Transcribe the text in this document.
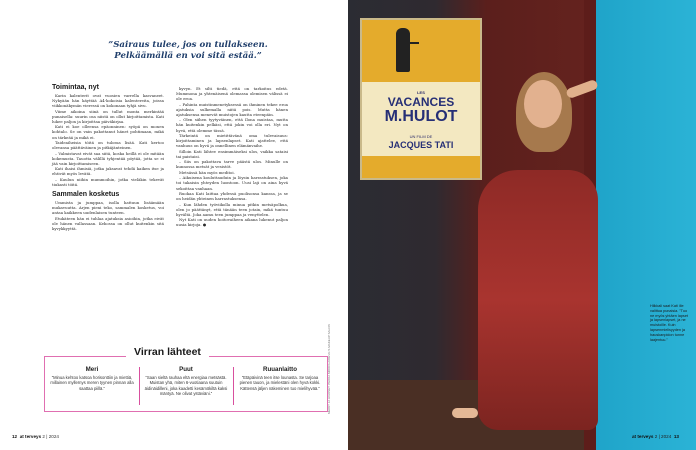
”Sairaus tulee, jos on tullakseen. Pelkäämällä en voi sitä estää.”
Toimintaa, nyt

Karin kalenterit ovat vuosien varrella kasvaneet. Nykyään hän käyttää A4-kokoisia kalentereita, joissa viikkonäkymän vieressä on kokonaan tyhjä sivu.

Viime aikoina siinä on tullut monta merkintää punaisella: suurin osa niistä on ollut kirjoittamista. Kati lukee paljon ja kirjoittaa päiväkirjaa.

Kati ei koe olleensa epäonninen: syöpä on monen kohtalo. Se on vain pakottanut hänet pohtimaan, mikä on tärkeää ja mikä ei.

Taideaiheisia töitä on tulossa lisää. Kati kertoo olevansa päättäväinen ja pitkäjänteinen.

– Valmistavat eivät saa siitä, koska heillä ei ole mitään kokemusta. Tauotta välillä tyhjentää pöytää, jotta se ei jää vain kirjoittamiseen.

Kati ihaisi ihmisiä, jotka jaksavat tehdä kaiken itse ja ehtivät myös levätä.

– Kuulun niihin mummoihin, jotka vieläkin tekevät tiukasti töitä.

Sammalen kosketus

Ummista ja jumppaa, isolla hattuun lisäämään mukavuutta. Arjen pieni teko, sammalen kosketus, voi antaa kaikkeen uudenlaisen tunteen.

Etukäteen hän ei tuhlaa ajatuksia asioihin, jotka eivät ole hänen vallassaan. Kehossa on ollut kuitenkin sitä kyvykkyyttä.

kyvyn. Et silti tiedä, että on tarkoitus edetä. Mummona ja yhtenäisenä olemassa olemisen välissä ei ole eroa.

– Pahinta muistinmenetyksessä on ihminen tekee eroa ajatuksia sulkemalla niitä pois. Mutta hänen ajatuksensa menevät muistojen kautta eteenpäin.

– Olen siihen tyytyväinen, että Ilona muistaa, mutta hän kuitenkin pelkäsi, että jokin voi olla eri. Nyt on hyvä, että olemme tässä.

Tärkeintä on mietittävänä oma tulevaisuus: kirjoittaminen ja lapsenlapset. Kati ajattelee, että vanhuus on hyvä ja onnellinen elämänvaihe.

Silloin Kati lähtee ensimmäiseksi ulos, vaikka sataisi tai paistaisi.

– Siis on pakottava tarve päästä ulos. Minulle on kunnossa metsät ja vesistöt.

Metsässä hän myös meditoi.

– Aikuisena kouluttauduin ja löysin harrastuksen, joka toi takaisin yhteyden luontoon. Uusi laji on aina hyvä sekoittaa vanhaan.

Ruokaa Kati laittaa yhdessä puolisonsa kanssa, ja se on heidän yhteinen harrastuksensa.

– Kun lähden työviikolla minua pitkin metsäpolkua, olen jo päättänyt, että tänään teen jotain, mikä tuntuu hyvältä. Joka aamu teen jumppaa ja venyttelen.

Nyt Kati on uuden hoitovaiheen aikana lukenut paljon uusia kirjoja. ●

Virran lähteet
Meri
”Minua kehtoo katsoa horisonttiin ja miettiä, millainen myllernys meren tyynen pinnan alla saattaa piillä.”
Puut
”Saan sieltä rauhaa eltä energiaa metsästä. Muistan yhä, miten 6-vuotiaana suutuin äidinäidilleni, joka kaadetti kesämökiltä kaksi mäntyä. Ne olivat ystäviäni.”
Ruuanlaitto
”Etäpäivinä teen itse lounasta. Se tarjoaa pienen tauon, ja mielestäni olen hyvä kokki. Kättensä jäljen näkeminen tuo mielihyvää.”	MEIKIT JA HIUKSET: PEKKA MIKKOLA/DEVIL'S MAKEUP SALON
12 at terveys 2 | 2024
LES
VACANCES
M.HULOT
UN FILM DE
JACQUES TATI
Hilkkali saat Kati ille valittua punaisia. "Tuo ne myös yhtäen lapset ja lapsenlapset, ja ne muistoille. Kuin lapsenmielisyyden ja hauskanpidon tunne laajentuu."
at terveys 2 | 2024 13
